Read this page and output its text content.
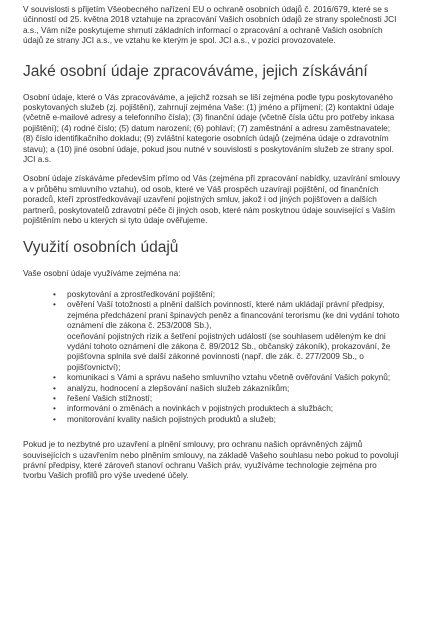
V souvislosti s přijetím Všeobecného nařízení EU o ochraně osobních údajů č. 2016/679, které se s účinností od 25. května 2018 vztahuje na zpracování Vašich osobních údajů ze strany společnosti JCI a.s., Vám níže poskytujeme shrnutí základních informací o zpracování a ochraně Vašich osobních údajů ze strany JCI a.s., ve vztahu ke kterým je spol. JCI a.s., v pozici provozovatele.

Jaké osobní údaje zpracováváme, jejich získávání

Osobní údaje, které o Vás zpracováváme, a jejichž rozsah se liší zejména podle typu poskytovaného poskytovaných služeb (zj. pojištění), zahrnují zejména Vaše: (1) jméno a příjmení; (2) kontaktní údaje (včetně e-mailové adresy a telefonního čísla); (3) finanční údaje (včetně čísla účtu pro potřeby inkasa pojištění); (4) rodné číslo; (5) datum narození; (6) pohlaví; (7) zaměstnání a adresu zaměstnavatele; (8) číslo identifikačního dokladu; (9) zvláštní kategorie osobních údajů (zejména údaje o zdravotním stavu); a (10) jiné osobní údaje, pokud jsou nutné v souvislosti s poskytováním služeb ze strany spol. JCI a.s.

Osobní údaje získáváme především přímo od Vás (zejména při zpracování nabídky, uzavírání smlouvy a v průběhu smluvního vztahu), od osob, které ve Váš prospěch uzavírají pojištění, od finančních poradců, kteří zprostředkovávají uzavření pojistných smluv, jakož i od jiných pojišťoven a dalších partnerů, poskytovatelů zdravotní péče či jiných osob, které nám poskytnou údaje související s Vaším pojištěním nebo u kterých si tyto údaje ověřujeme.

Využití osobních údajů

Vaše osobní údaje využíváme zejména na:

• poskytování a zprostředkování pojištění;
• ověření Vaší totožnosti a plnění dalších povinností, které nám ukládají právní předpisy, zejména předcházení praní špinavých peněz a financování terorismu (ke dni vydání tohoto oznámení dle zákona č. 253/2008 Sb.),
oceňování pojistných rizik a šetření pojistných událostí (se souhlasem uděleným ke dni vydání tohoto oznámení dle zákona č. 89/2012 Sb., občanský zákoník), prokazování, že pojišťovna splnila své další zákonné povinnosti (např. dle zák. č. 277/2009 Sb., o pojišťovnictví);
• komunikaci s Vámi a správu našeho smluvního vztahu včetně ověřování Vašich pokynů;
• analýzu, hodnocení a zlepšování našich služeb zákazníkům;
• řešení Vašich stížností;
• informování o změnách a novinkách v pojistných produktech a službách;
• monitorování kvality našich pojistných produktů a služeb;

Pokud je to nezbytné pro uzavření a plnění smlouvy, pro ochranu našich oprávněných zájmů souvisejících s uzavřením nebo plněním smlouvy, na základě Vašeho souhlasu nebo pokud to povolují právní předpisy, které zároveň stanoví ochranu Vašich práv, využíváme technologie zejména pro tvorbu Vašich profilů pro výše uvedené účely.
